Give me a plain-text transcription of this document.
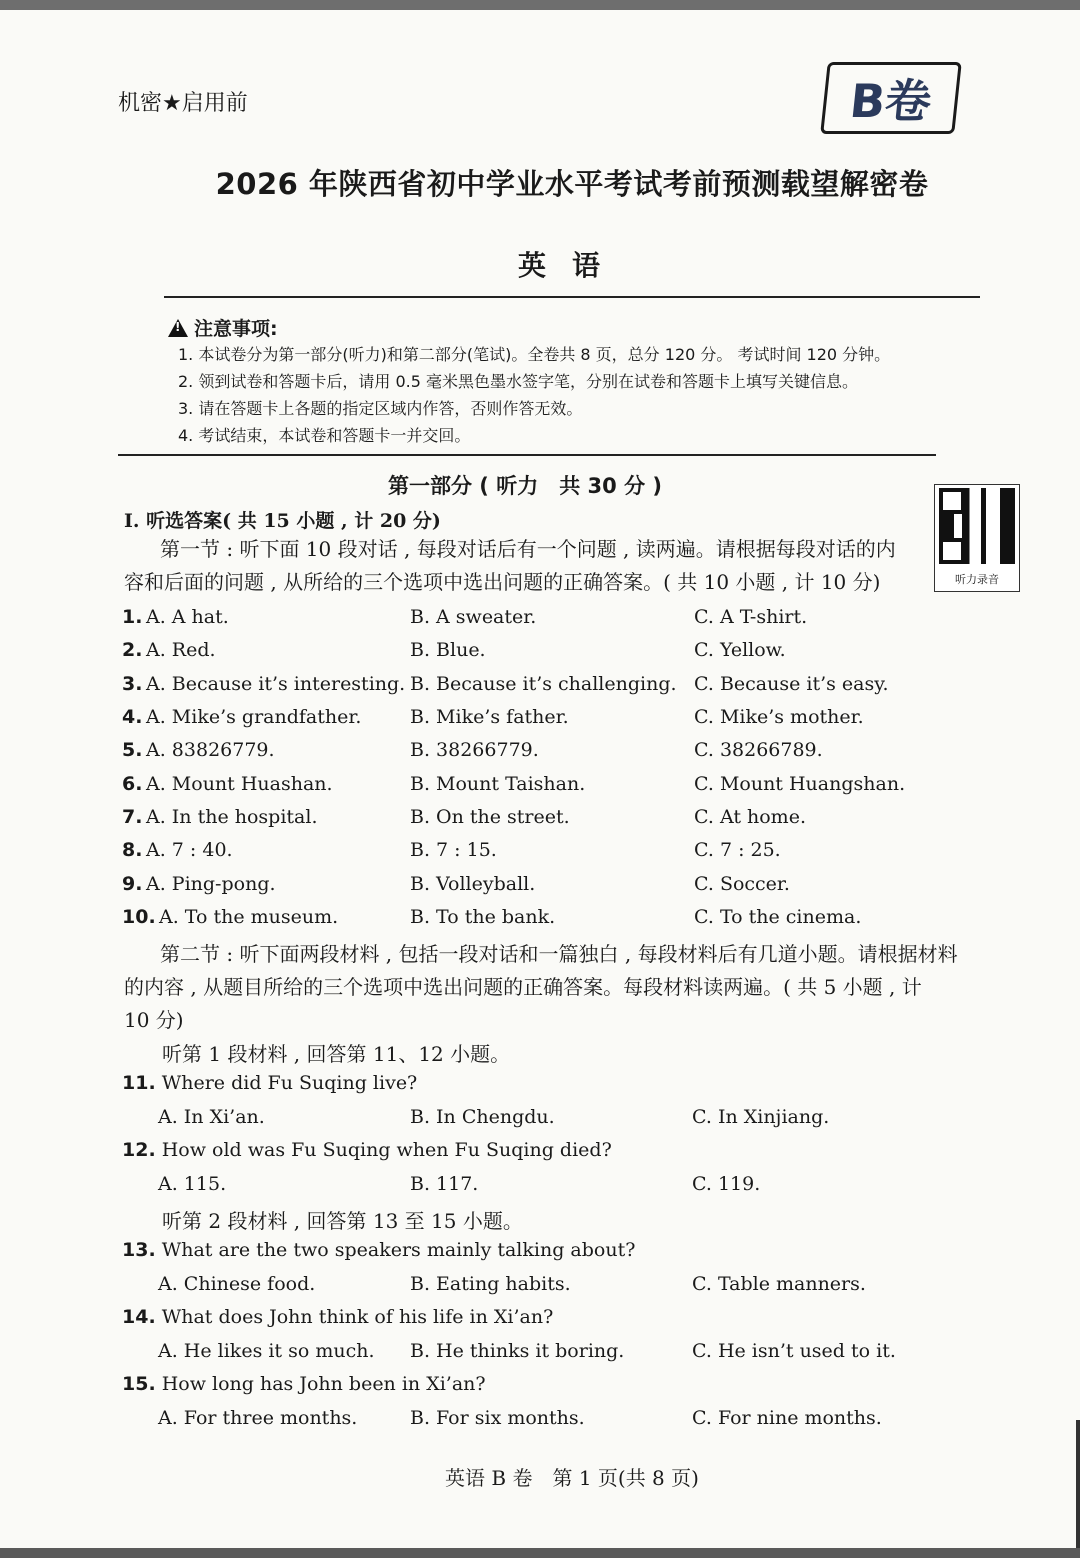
机密★启用前	B卷
2026 年陕西省初中学业水平考试考前预测载望解密卷
英语
!
注意事项:
1. 本试卷分为第一部分(听力)和第二部分(笔试)。全卷共 8 页，总分 120 分。 考试时间 120 分钟。
2. 领到试卷和答题卡后，请用 0.5 毫米黑色墨水签字笔，分别在试卷和答题卡上填写关键信息。
3. 请在答题卡上各题的指定区域内作答，否则作答无效。
4. 考试结束，本试卷和答题卡一并交回。
第一部分 ( 听力　共 30 分 )
听力录音
Ⅰ. 听选答案( 共 15 小题 , 计 20 分)
第一节 : 听下面 10 段对话 , 每段对话后有一个问题 , 读两遍。请根据每段对话的内
容和后面的问题 , 从所给的三个选项中选出问题的正确答案。( 共 10 小题 , 计 10 分)
1. A. A hat.	B. A sweater.	C. A T-shirt.
2. A. Red.	B. Blue.	C. Yellow.
3. A. Because it’s interesting. B. Because it’s challenging. C. Because it’s easy.
4. A. Mike’s grandfather.	B. Mike’s father.	C. Mike’s mother.
5. A. 83826779.	B. 38266779.	C. 38266789.
6. A. Mount Huashan.	B. Mount Taishan.	C. Mount Huangshan.
7. A. In the hospital.	B. On the street.	C. At home.
8. A. 7 : 40.	B. 7 : 15.	C. 7 : 25.
9. A. Ping-pong.	B. Volleyball.	C. Soccer.
10. A. To the museum.	B. To the bank.	C. To the cinema.
第二节 : 听下面两段材料 , 包括一段对话和一篇独白 , 每段材料后有几道小题。请根据材料
的内容 , 从题目所给的三个选项中选出问题的正确答案。每段材料读两遍。( 共 5 小题 , 计
10 分)
听第 1 段材料 , 回答第 11、12 小题。
11. Where did Fu Suqing live?
A. In Xi’an.	B. In Chengdu.	C. In Xinjiang.
12. How old was Fu Suqing when Fu Suqing died?
A. 115.	B. 117.	C. 119.
听第 2 段材料 , 回答第 13 至 15 小题。
13. What are the two speakers mainly talking about?
A. Chinese food.	B. Eating habits.	C. Table manners.
14. What does John think of his life in Xi’an?
A. He likes it so much. B. He thinks it boring.	C. He isn’t used to it.
15. How long has John been in Xi’an?
A. For three months.	B. For six months.	C. For nine months.
英语 B 卷　第 1 页(共 8 页)
